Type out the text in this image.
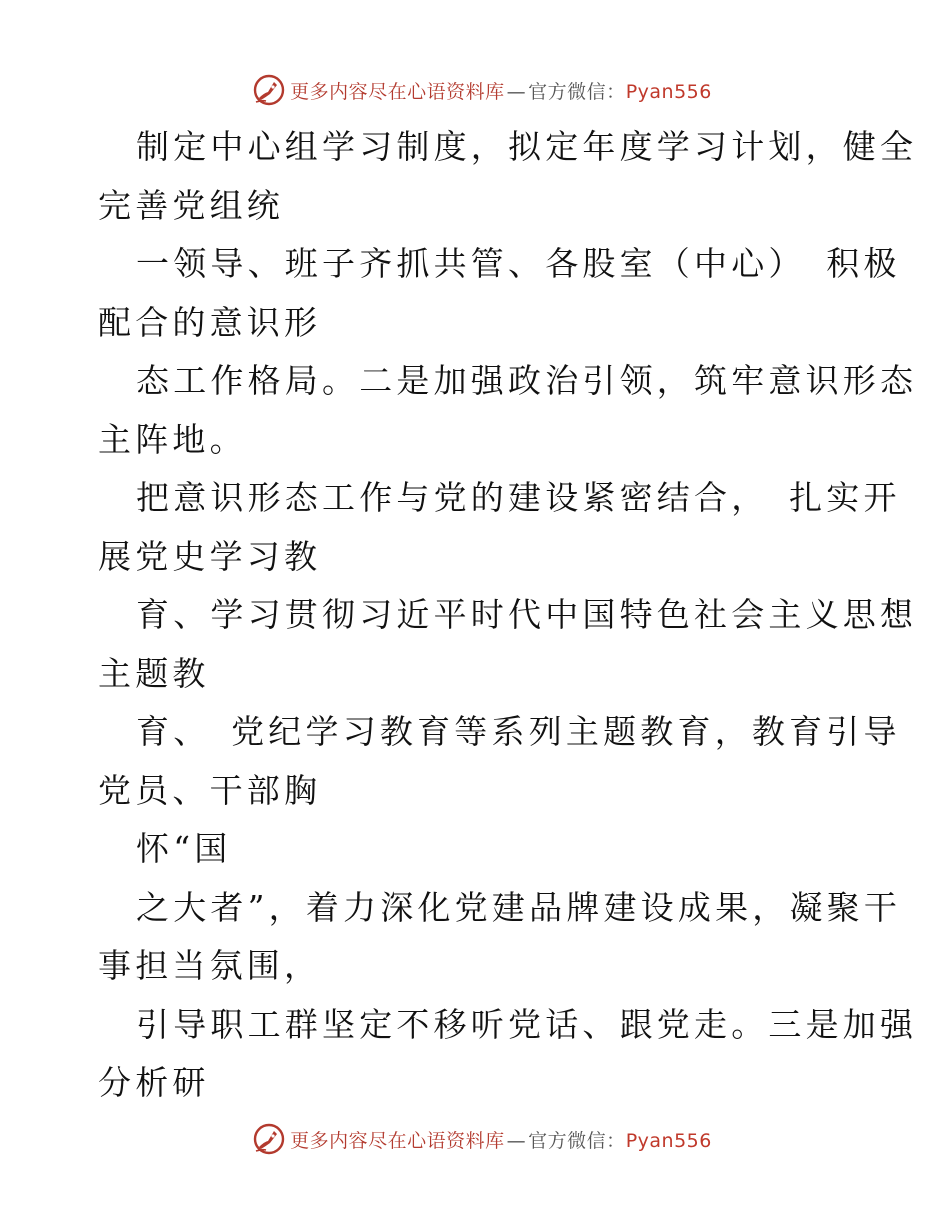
更多内容尽在心语资料库 — 官方微信：Pyan556
制定中心组学习制度，拟定年度学习计划，健全
完善党组统
一领导、班子齐抓共管、各股室（中心）　积极
配合的意识形
态工作格局。二是加强政治引领，筑牢意识形态
主阵地。
把意识形态工作与党的建设紧密结合，　扎实开
展党史学习教
育、学习贯彻习近平时代中国特色社会主义思想
主题教
育、　党纪学习教育等系列主题教育，教育引导
党员、干部胸
怀“国
之大者”，着力深化党建品牌建设成果，凝聚干
事担当氛围，
引导职工群坚定不移听党话、跟党走。三是加强
分析研
更多内容尽在心语资料库 — 官方微信：Pyan556
